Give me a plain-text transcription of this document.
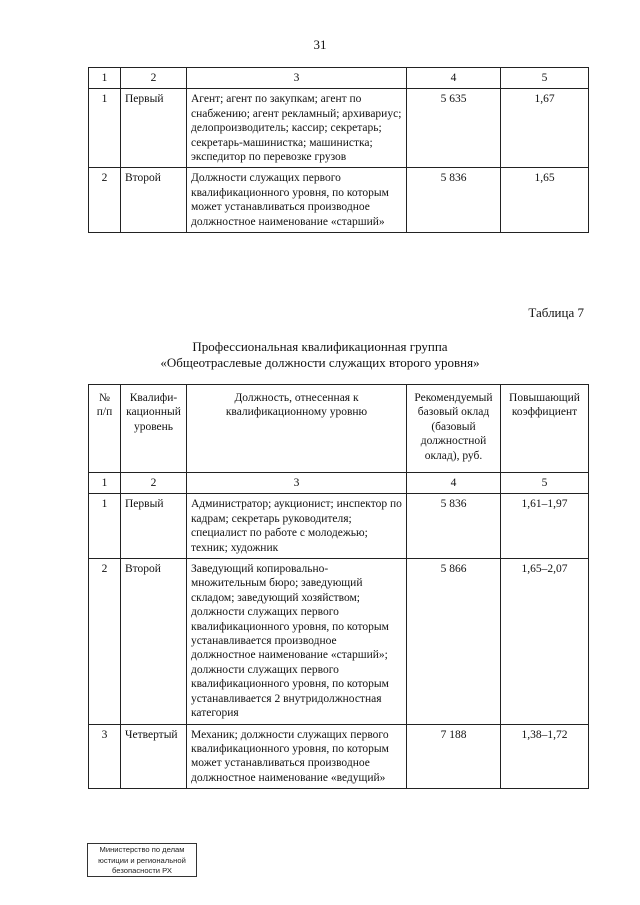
31
1	2	3	4	5
1	Первый	Агент; агент по закупкам; агент по снабжению; агент рекламный; архивариус; делопроизводитель; кассир; секретарь; секретарь-машинистка; машинистка; экспедитор по перевозке грузов	5 635	1,67
2	Второй	Должности служащих первого квалификационного уровня, по которым может устанавливаться производное должностное наименование «старший»	5 836	1,65
Таблица 7
Профессиональная квалификационная группа
«Общеотраслевые должности служащих второго уровня»
№ п/п	Квалифи-кационный уровень	Должность, отнесенная к квалификационному уровню	Рекомендуемый базовый оклад (базовый должностной оклад), руб.	Повышающий коэффициент
1	2	3	4	5
1	Первый	Администратор; аукционист; инспектор по кадрам; секретарь руководителя; специалист по работе с молодежью; техник; художник	5 836	1,61–1,97
2	Второй	Заведующий копировально-множительным бюро; заведующий складом; заведующий хозяйством; должности служащих первого квалификационного уровня, по которым устанавливается производное должностное наименование «старший»; должности служащих первого квалификационного уровня, по которым устанавливается 2 внутридолжностная категория	5 866	1,65–2,07
3	Четвертый	Механик; должности служащих первого квалификационного уровня, по которым может устанавливаться производное должностное наименование «ведущий»	7 188	1,38–1,72
Министерство по делам
юстиции и региональной
безопасности РХ
